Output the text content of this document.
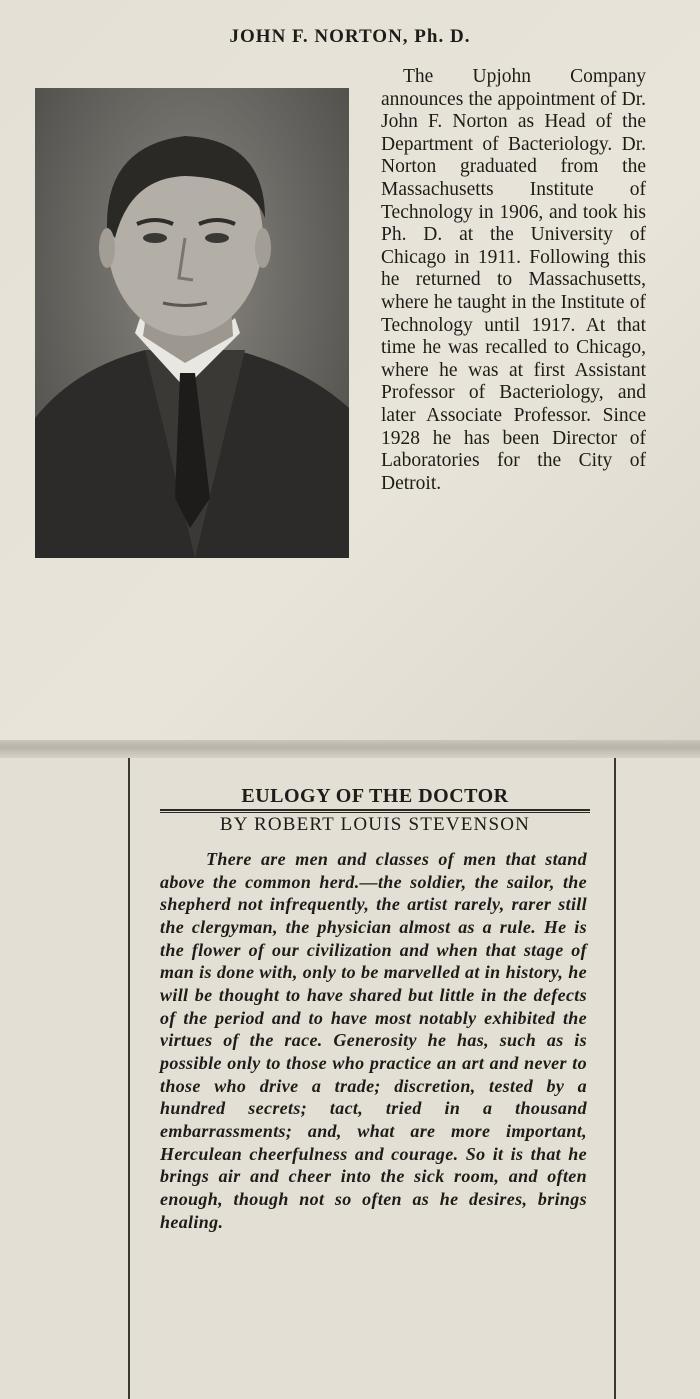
JOHN F. NORTON, Ph. D.

The Upjohn Company announces the appointment of Dr. John F. Norton as Head of the Department of Bacteriology. Dr. Norton graduated from the Massachusetts Institute of Technology in 1906, and took his Ph. D. at the University of Chicago in 1911. Following this he returned to Massachusetts, where he taught in the Institute of Technology until 1917. At that time he was recalled to Chicago, where he was at first Assistant Professor of Bacteriology, and later Associate Professor. Since 1928 he has been Director of Laboratories for the City of Detroit.

EULOGY OF THE DOCTOR

BY ROBERT LOUIS STEVENSON

There are men and classes of men that stand above the common herd.—the soldier, the sailor, the shepherd not infrequently, the artist rarely, rarer still the clergyman, the physician almost as a rule. He is the flower of our civilization and when that stage of man is done with, only to be marvelled at in history, he will be thought to have shared but little in the defects of the period and to have most notably exhibited the virtues of the race. Generosity he has, such as is possible only to those who practice an art and never to those who drive a trade; discretion, tested by a hundred secrets; tact, tried in a thousand embarrassments; and, what are more important, Herculean cheerfulness and courage. So it is that he brings air and cheer into the sick room, and often enough, though not so often as he desires, brings healing.
